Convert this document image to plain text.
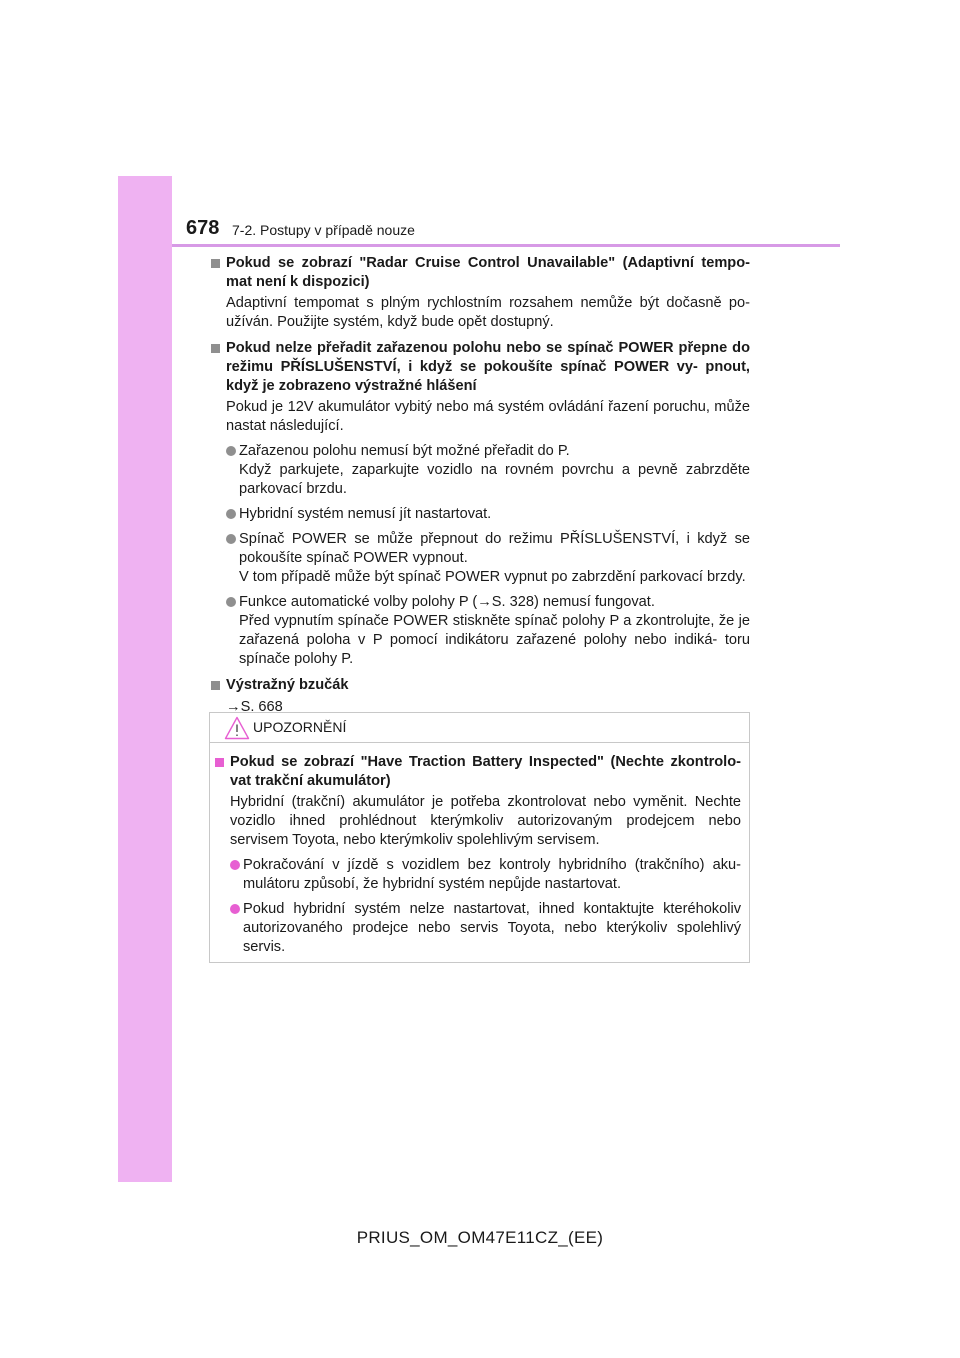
678 7-2. Postupy v případě nouze
Pokud se zobrazí "Radar Cruise Control Unavailable" (Adaptivní tempo- mat není k dispozici)
Adaptivní tempomat s plným rychlostním rozsahem nemůže být dočasně po- užíván. Použijte systém, když bude opět dostupný.
Pokud nelze přeřadit zařazenou polohu nebo se spínač POWER přepne do režimu PŘÍSLUŠENSTVÍ, i když se pokoušíte spínač POWER vy- pnout, když je zobrazeno výstražné hlášení
Pokud je 12V akumulátor vybitý nebo má systém ovládání řazení poruchu, může nastat následující.
Zařazenou polohu nemusí být možné přeřadit do P.
Když parkujete, zaparkujte vozidlo na rovném povrchu a pevně zabrzděte parkovací brzdu.
Hybridní systém nemusí jít nastartovat.
Spínač POWER se může přepnout do režimu PŘÍSLUŠENSTVÍ, i když se pokoušíte spínač POWER vypnout.
V tom případě může být spínač POWER vypnut po zabrzdění parkovací brzdy.
Funkce automatické volby polohy P (→S. 328) nemusí fungovat.
Před vypnutím spínače POWER stiskněte spínač polohy P a zkontrolujte, že je zařazená poloha v P pomocí indikátoru zařazené polohy nebo indiká- toru spínače polohy P.
Výstražný bzučák
→S. 668
UPOZORNĚNÍ
Pokud se zobrazí "Have Traction Battery Inspected" (Nechte zkontrolo- vat trakční akumulátor)
Hybridní (trakční) akumulátor je potřeba zkontrolovat nebo vyměnit. Nechte vozidlo ihned prohlédnout kterýmkoliv autorizovaným prodejcem nebo servisem Toyota, nebo kterýmkoliv spolehlivým servisem.
Pokračování v jízdě s vozidlem bez kontroly hybridního (trakčního) aku- mulátoru způsobí, že hybridní systém nepůjde nastartovat.
Pokud hybridní systém nelze nastartovat, ihned kontaktujte kteréhokoliv autorizovaného prodejce nebo servis Toyota, nebo kterýkoliv spolehlivý servis.
PRIUS_OM_OM47E11CZ_(EE)
